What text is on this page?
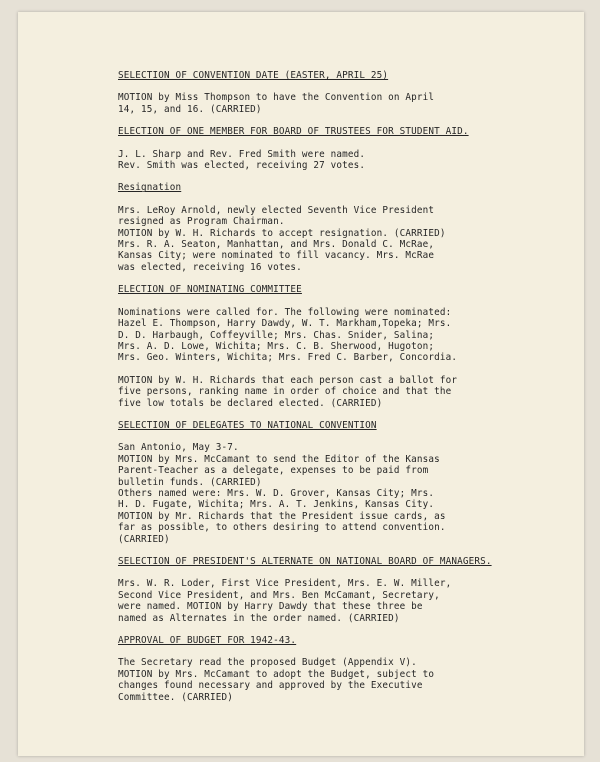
SELECTION OF CONVENTION DATE (EASTER, APRIL 25)
MOTION by Miss Thompson to have the Convention on April
14, 15, and 16. (CARRIED)
ELECTION OF ONE MEMBER FOR BOARD OF TRUSTEES FOR STUDENT AID.
J. L. Sharp and Rev. Fred Smith were named.
Rev. Smith was elected, receiving 27 votes.
Resignation
Mrs. LeRoy Arnold, newly elected Seventh Vice President
resigned as Program Chairman.
MOTION by W. H. Richards to accept resignation. (CARRIED)
Mrs. R. A. Seaton, Manhattan, and Mrs. Donald C. McRae,
Kansas City; were nominated to fill vacancy. Mrs. McRae
was elected, receiving 16 votes.
ELECTION OF NOMINATING COMMITTEE
Nominations were called for. The following were nominated:
Hazel E. Thompson, Harry Dawdy, W. T. Markham,Topeka; Mrs.
D. D. Harbaugh, Coffeyville; Mrs. Chas. Snider, Salina;
Mrs. A. D. Lowe, Wichita; Mrs. C. B. Sherwood, Hugoton;
Mrs. Geo. Winters, Wichita; Mrs. Fred C. Barber, Concordia.
MOTION by W. H. Richards that each person cast a ballot for
five persons, ranking name in order of choice and that the
five low totals be declared elected. (CARRIED)
SELECTION OF DELEGATES TO NATIONAL CONVENTION
San Antonio, May 3-7.
MOTION by Mrs. McCamant to send the Editor of the Kansas
Parent-Teacher as a delegate, expenses to be paid from
bulletin funds. (CARRIED)
Others named were: Mrs. W. D. Grover, Kansas City; Mrs.
H. D. Fugate, Wichita; Mrs. A. T. Jenkins, Kansas City.
MOTION by Mr. Richards that the President issue cards, as
far as possible, to others desiring to attend convention.
(CARRIED)
SELECTION OF PRESIDENT'S ALTERNATE ON NATIONAL BOARD OF MANAGERS.
Mrs. W. R. Loder, First Vice President, Mrs. E. W. Miller,
Second Vice President, and Mrs. Ben McCamant, Secretary,
were named. MOTION by Harry Dawdy that these three be
named as Alternates in the order named. (CARRIED)
APPROVAL OF BUDGET FOR 1942-43.
The Secretary read the proposed Budget (Appendix V).
MOTION by Mrs. McCamant to adopt the Budget, subject to
changes found necessary and approved by the Executive
Committee. (CARRIED)
